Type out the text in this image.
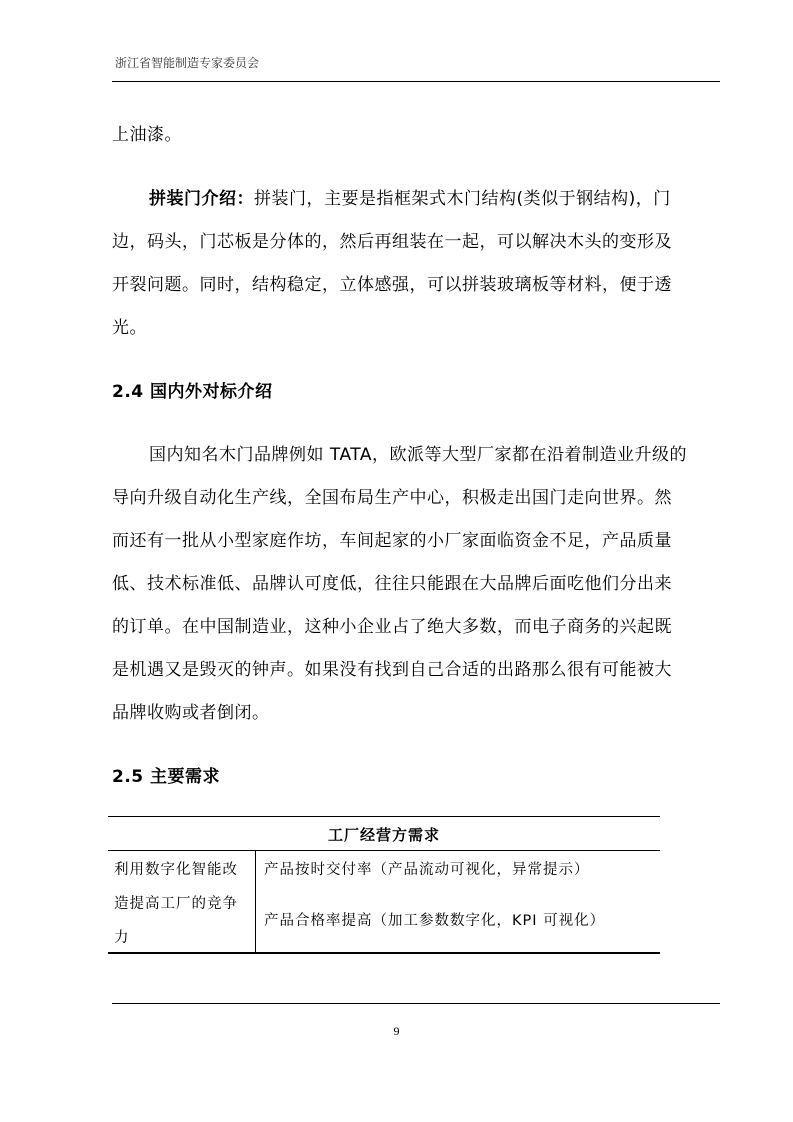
浙江省智能制造专家委员会
上油漆。
拼装门介绍：拼装门，主要是指框架式木门结构(类似于钢结构)，门
边，码头，门芯板是分体的，然后再组装在一起，可以解决木头的变形及
开裂问题。同时，结构稳定，立体感强，可以拼装玻璃板等材料，便于透
光。
2.4 国内外对标介绍
国内知名木门品牌例如 TATA，欧派等大型厂家都在沿着制造业升级的
导向升级自动化生产线，全国布局生产中心，积极走出国门走向世界。然
而还有一批从小型家庭作坊，车间起家的小厂家面临资金不足，产品质量
低、技术标准低、品牌认可度低，往往只能跟在大品牌后面吃他们分出来
的订单。在中国制造业，这种小企业占了绝大多数，而电子商务的兴起既
是机遇又是毁灭的钟声。如果没有找到自己合适的出路那么很有可能被大
品牌收购或者倒闭。
2.5 主要需求
工厂经营方需求
利用数字化智能改
造提高工厂的竞争
力
产品按时交付率（产品流动可视化，异常提示）
产品合格率提高（加工参数数字化，KPI 可视化）
9
